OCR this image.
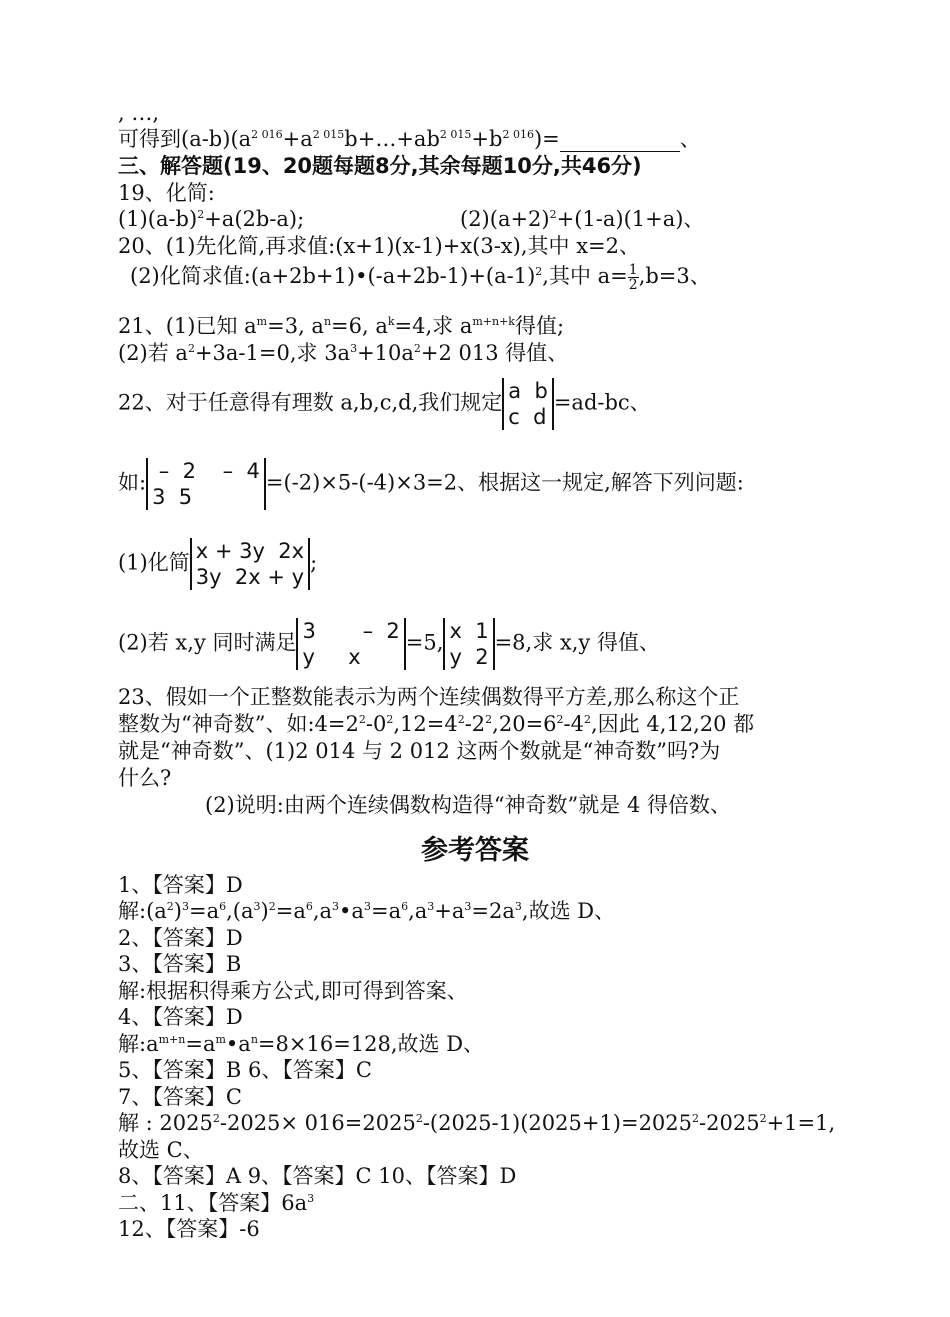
, …,
可得到$(a-b)(a^{2 016}+a^{2 015}b+\dots+ab^{2 015}+b^{2 016})=$	、
三、解答题(19、20题每题8分,其余每题10分,共46分)
19、化简:
$(1)(a-b)^2+a(2b-a)$;	$(2)(a+2)^2+(1-a)(1+a)$、
20、(1)先化简,再求值:(x+1)(x-1)+x(3-x),其中 x=2、
(2)化简求值$:(a+2b+1)•(-a+2b-1)+(a-1)^2$,其中 $a= \frac{1}{2} ,b=3$、
21、(1)已知 $a^m=3$, $a^n=6$, $a^k=4$,求 $a^{m+n+k}$得值;
(2)若 $a^2+3a-1=0$,求 $3a^3+10a^2+2$ 013 得值、
22、对于任意得有理数 a,b,c,d,我们规定 a  b
c  d
=ad-bc、
如: –  2    –  4
3  5
=(-2)×5-(-4)×3=2、根据这一规定,解答下列问题:
(1)化简 x + 3y  2x
3y  2x + y
;
(2)若 x,y 同时满足 3       –  2
y     x
=5, x  1
y  2
=8,求 x,y 得值、
23、假如一个正整数能表示为两个连续偶数得平方差,那么称这个正
整数为“神奇数”、如$:4=2^2-0^2,12=4^2-2^2,20=6^2-4^2$,因此 4,12,20 都
就是“神奇数”、(1)2 014 与 2 012 这两个数就是“神奇数”吗?为
什么?
(2)说明:由两个连续偶数构造得“神奇数”就是 4 得倍数、
参考答案
1、【答案】D
解$:(a^2)^3=a^6,(a^3)^2=a^6,a^3•a^3=a^6,a^3+a^3=2a^3$,故选 D、
2、【答案】D
3、【答案】B
解:根据积得乘方公式,即可得到答案、
4、【答案】D
解$:a^{m+n}=a^m•a^n=8\times 16=128$,故选 D、
5、【答案】B 6、【答案】C
7、【答案】C
解 : $2025^2-2025\times 016=2025^2-(2025-1)(2025+1)=2025^2-2025^2+1=1$,
故选 C、
8、【答案】A 9、【答案】C 10、【答案】D
二、11、【答案】$6a^3$
12、【答案】-6
